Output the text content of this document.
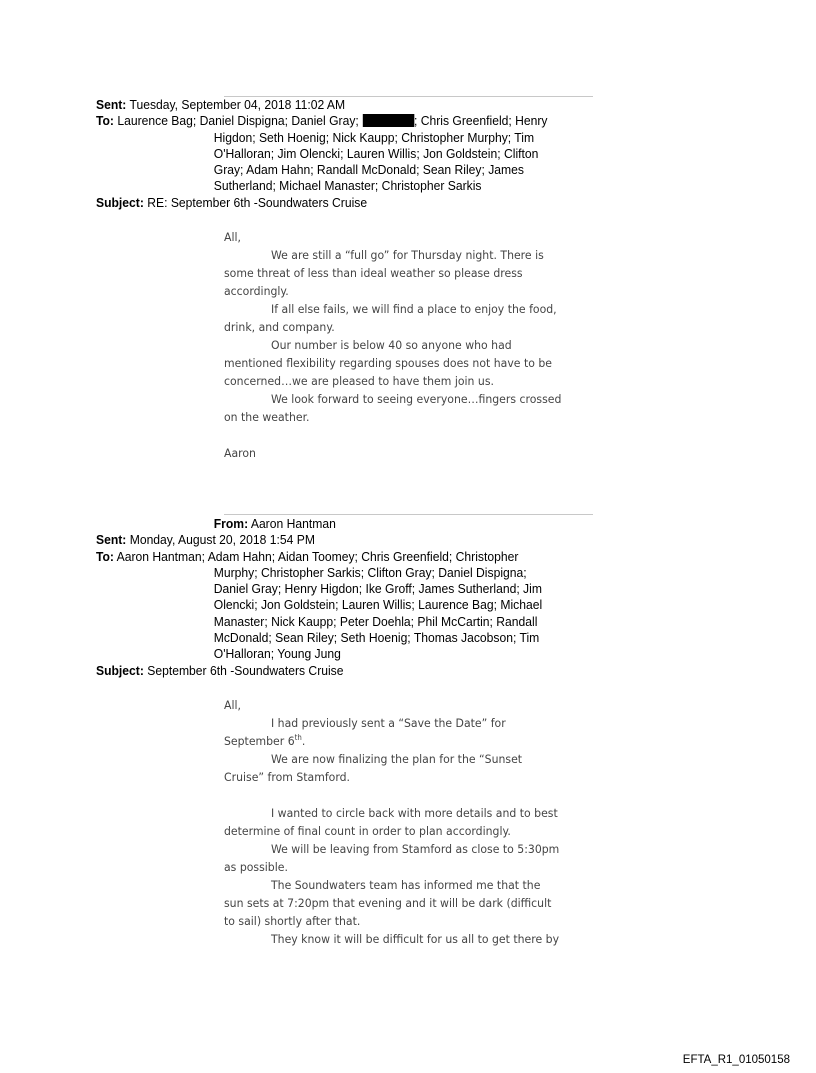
Sent: Tuesday, September 04, 2018 11:02 AM
To: Laurence Bag; Daniel Dispigna; Daniel Gray;	; Chris Greenfield; Henry
Higdon; Seth Hoenig; Nick Kaupp; Christopher Murphy; Tim
O'Halloran; Jim Olencki; Lauren Willis; Jon Goldstein; Clifton
Gray; Adam Hahn; Randall McDonald; Sean Riley; James
Sutherland; Michael Manaster; Christopher Sarkis
Subject: RE: September 6th -Soundwaters Cruise
All,
We are still a “full go” for Thursday night. There is
some threat of less than ideal weather so please dress
accordingly.
If all else fails, we will find a place to enjoy the food,
drink, and company.
Our number is below 40 so anyone who had
mentioned flexibility regarding spouses does not have to be
concerned…we are pleased to have them join us.
We look forward to seeing everyone…fingers crossed
on the weather.
Aaron
From: Aaron Hantman
Sent: Monday, August 20, 2018 1:54 PM
To: Aaron Hantman; Adam Hahn; Aidan Toomey; Chris Greenfield; Christopher
Murphy; Christopher Sarkis; Clifton Gray; Daniel Dispigna;
Daniel Gray; Henry Higdon; Ike Groff; James Sutherland; Jim
Olencki; Jon Goldstein; Lauren Willis; Laurence Bag; Michael
Manaster; Nick Kaupp; Peter Doehla; Phil McCartin; Randall
McDonald; Sean Riley; Seth Hoenig; Thomas Jacobson; Tim
O'Halloran; Young Jung
Subject: September 6th -Soundwaters Cruise
All,
I had previously sent a “Save the Date” for
September 6th.
We are now finalizing the plan for the “Sunset
Cruise” from Stamford.
I wanted to circle back with more details and to best
determine of final count in order to plan accordingly.
We will be leaving from Stamford as close to 5:30pm
as possible.
The Soundwaters team has informed me that the
sun sets at 7:20pm that evening and it will be dark (difficult
to sail) shortly after that.
They know it will be difficult for us all to get there by
EFTA_R1_01050158
